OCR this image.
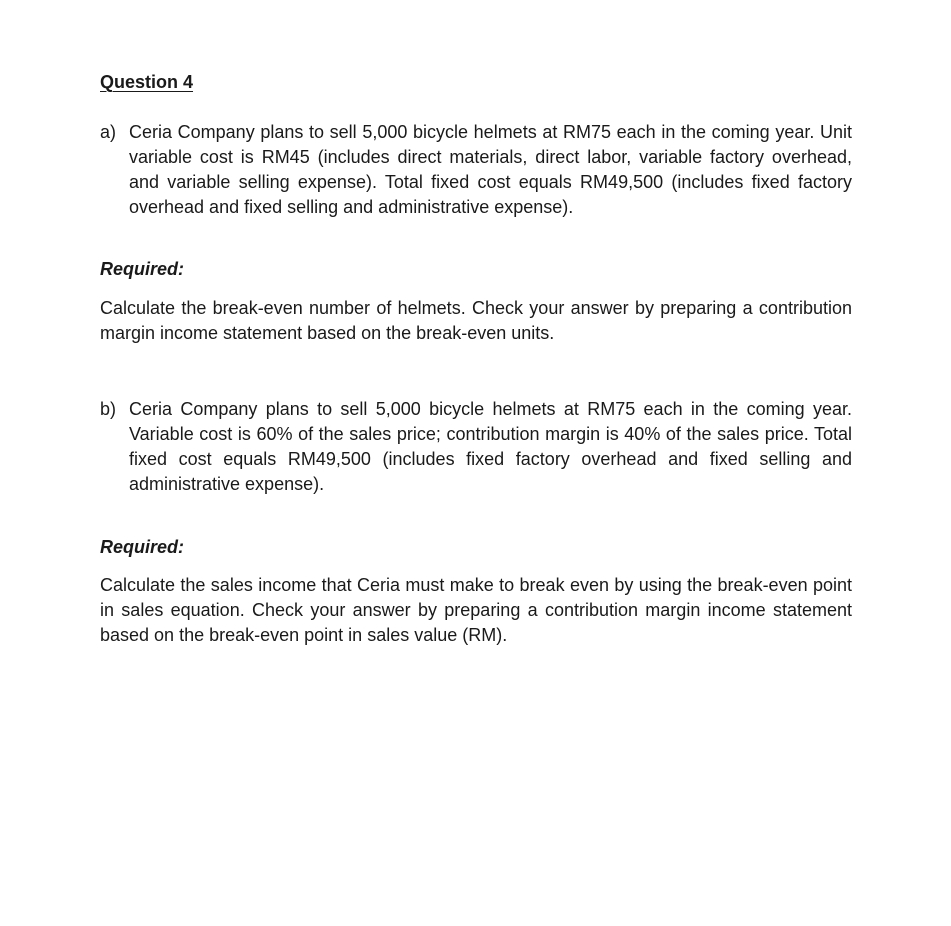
Question 4
a) Ceria Company plans to sell 5,000 bicycle helmets at RM75 each in the coming year. Unit variable cost is RM45 (includes direct materials, direct labor, variable factory overhead, and variable selling expense). Total fixed cost equals RM49,500 (includes fixed factory overhead and fixed selling and administrative expense).
Required:
Calculate the break-even number of helmets. Check your answer by preparing a contribution margin income statement based on the break-even units.
b) Ceria Company plans to sell 5,000 bicycle helmets at RM75 each in the coming year. Variable cost is 60% of the sales price; contribution margin is 40% of the sales price. Total fixed cost equals RM49,500 (includes fixed factory overhead and fixed selling and administrative expense).
Required:
Calculate the sales income that Ceria must make to break even by using the break-even point in sales equation. Check your answer by preparing a contribution margin income statement based on the break-even point in sales value (RM).
